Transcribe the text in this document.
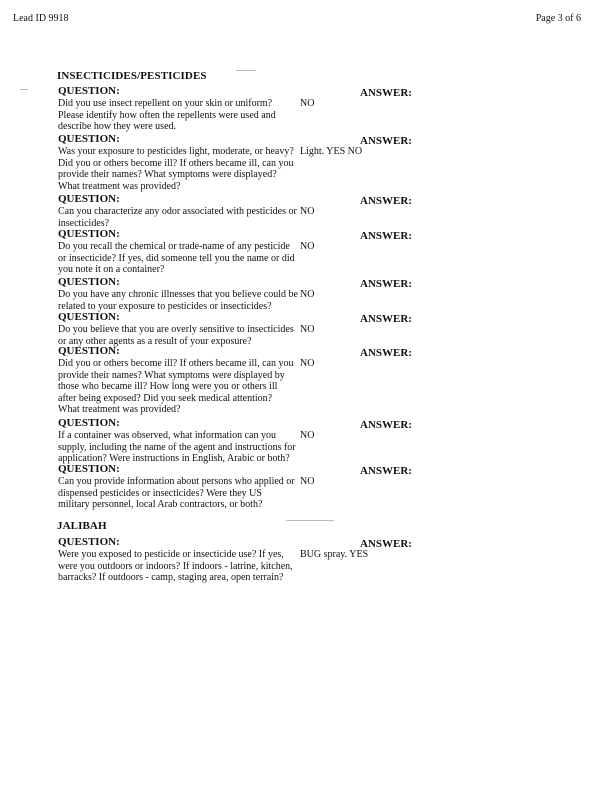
Lead ID 9918	Page 3 of 6
INSECTICIDES/PESTICIDES
QUESTION:	ANSWER:
Did you use insect repellent on your skin or uniform?
Please identify how often the repellents were used and
describe how they were used.
NO
QUESTION:	ANSWER:
Was your exposure to pesticides light, moderate, or heavy?
Did you or others become ill? If others became ill, can you
provide their names? What symptoms were displayed?
What treatment was provided?
Light. YES NO
QUESTION:	ANSWER:
Can you characterize any odor associated with pesticides or
insecticides?
NO
QUESTION:	ANSWER:
Do you recall the chemical or trade-name of any pesticide
or insecticide? If yes, did someone tell you the name or did
you note it on a container?
NO
QUESTION:	ANSWER:
Do you have any chronic illnesses that you believe could be
related to your exposure to pesticides or insecticides?
NO
QUESTION:	ANSWER:
Do you believe that you are overly sensitive to insecticides
or any other agents as a result of your exposure?
NO
QUESTION:	ANSWER:
Did you or others become ill? If others became ill, can you
provide their names? What symptoms were displayed by
those who became ill? How long were you or others ill
after being exposed? Did you seek medical attention?
What treatment was provided?
NO
QUESTION:	ANSWER:
If a container was observed, what information can you
supply, including the name of the agent and instructions for
application? Were instructions in English, Arabic or both?
NO
QUESTION:	ANSWER:
Can you provide information about persons who applied or
dispensed pesticides or insecticides? Were they US
military personnel, local Arab contractors, or both?
NO
JALIBAH
QUESTION:	ANSWER:
Were you exposed to pesticide or insecticide use? If yes,
were you outdoors or indoors? If indoors - latrine, kitchen,
barracks? If outdoors - camp, staging area, open terrain?
BUG spray. YES
